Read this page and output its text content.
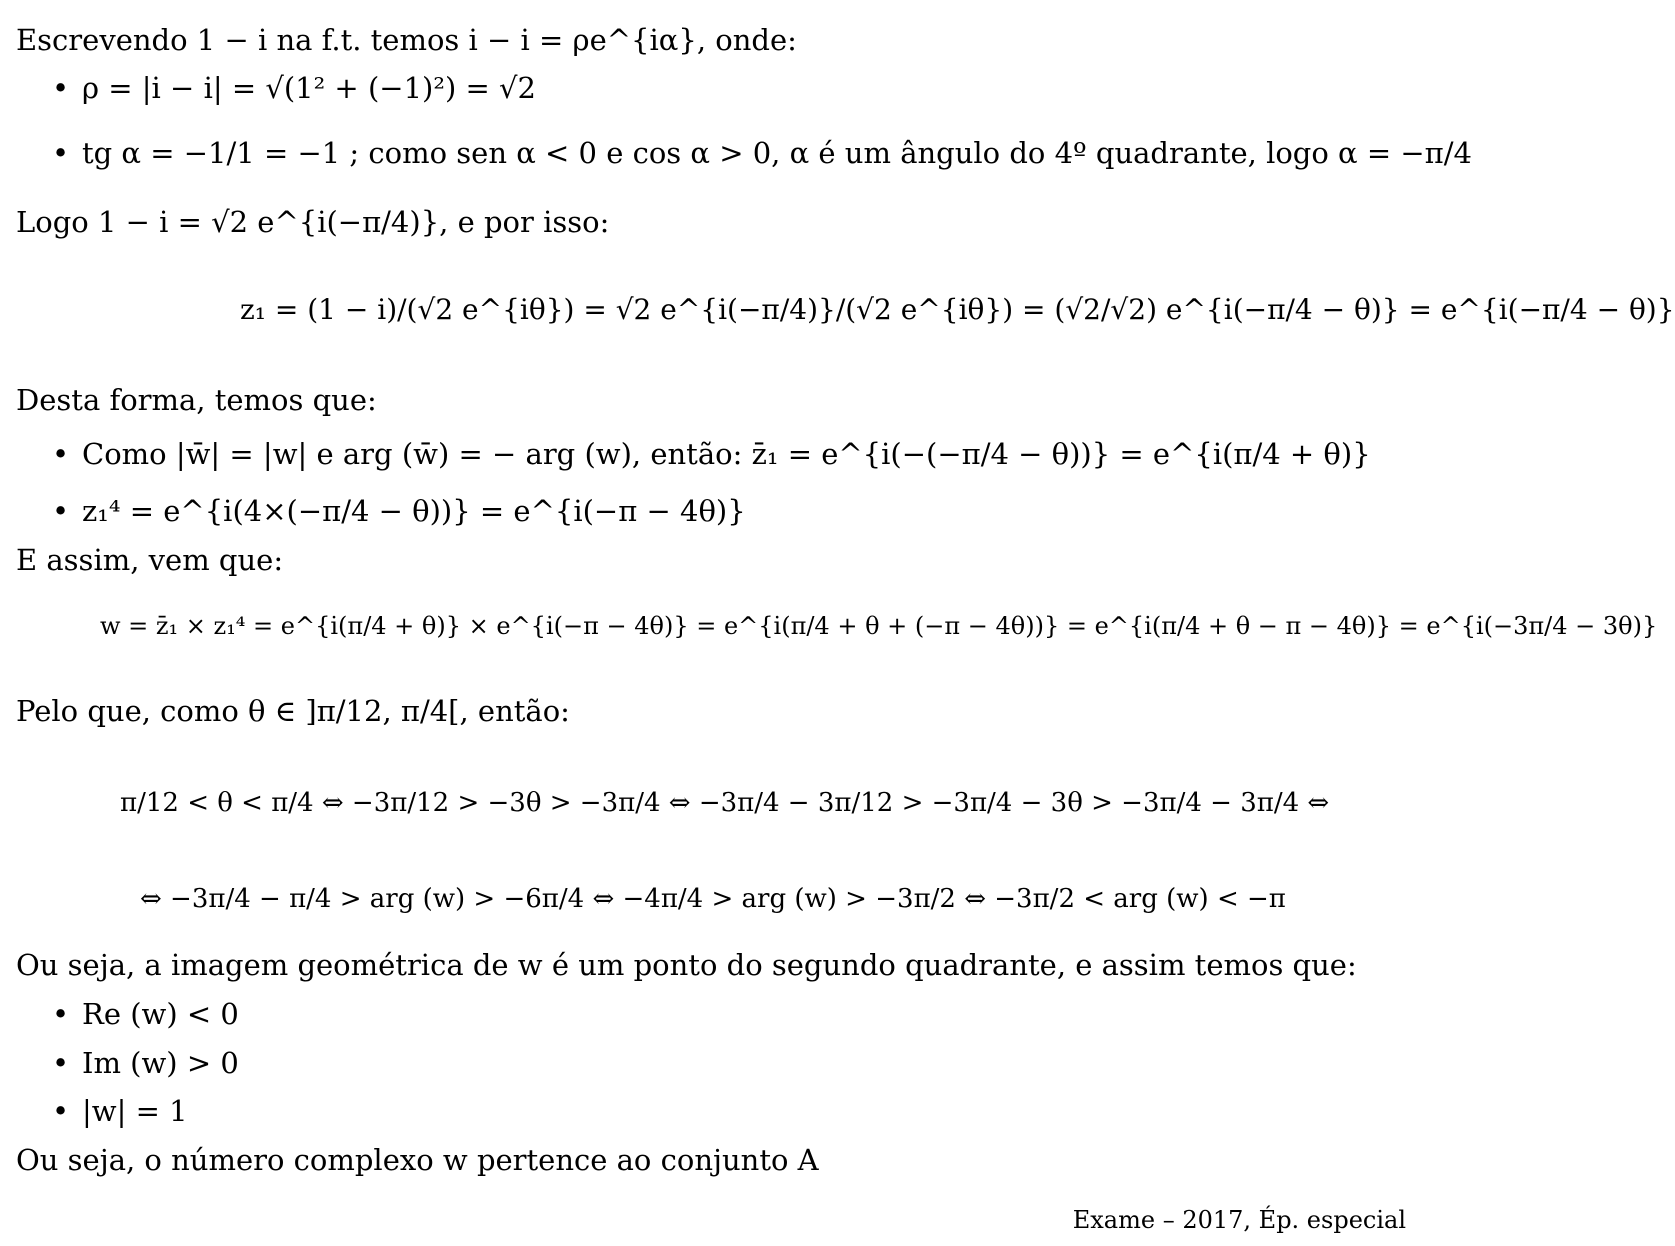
Escrevendo 1 − i na f.t. temos i − i = ρe^{iα}, onde:
ρ = |i − i| = √(1² + (−1)²) = √2
tg α = −1/1 = −1 ; como sen α < 0 e cos α > 0, α é um ângulo do 4º quadrante, logo α = −π/4
Logo 1 − i = √2 e^{i(−π/4)}, e por isso:
z₁ = (1 − i)/(√2 e^{iθ}) = √2 e^{i(−π/4)}/(√2 e^{iθ}) = (√2/√2) e^{i(−π/4 − θ)} = e^{i(−π/4 − θ)}
Desta forma, temos que:
Como |w̄| = |w| e arg (w̄) = − arg (w), então: z̄₁ = e^{i(−(−π/4 − θ))} = e^{i(π/4 + θ)}
z₁⁴ = e^{i(4×(−π/4 − θ))} = e^{i(−π − 4θ)}
E assim, vem que:
w = z̄₁ × z₁⁴ = e^{i(π/4 + θ)} × e^{i(−π − 4θ)} = e^{i(π/4 + θ + (−π − 4θ))} = e^{i(π/4 + θ − π − 4θ)} = e^{i(−3π/4 − 3θ)}
Pelo que, como θ ∈ ]π/12, π/4[, então:
π/12 < θ < π/4 ⇔ −3π/12 > −3θ > −3π/4 ⇔ −3π/4 − 3π/12 > −3π/4 − 3θ > −3π/4 − 3π/4 ⇔
⇔ −3π/4 − π/4 > arg (w) > −6π/4 ⇔ −4π/4 > arg (w) > −3π/2 ⇔ −3π/2 < arg (w) < −π
Ou seja, a imagem geométrica de w é um ponto do segundo quadrante, e assim temos que:
Re (w) < 0
Im (w) > 0
|w| = 1
Ou seja, o número complexo w pertence ao conjunto A
Exame – 2017, Ép. especial
